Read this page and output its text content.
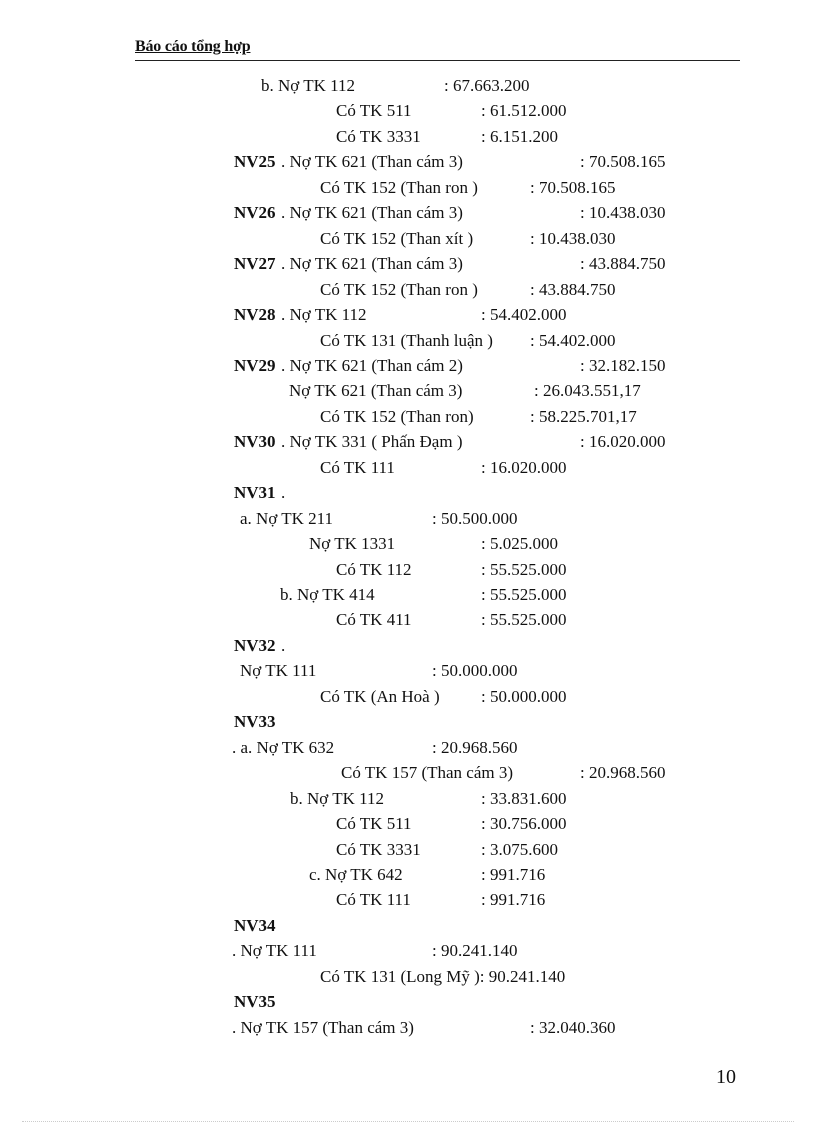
Báo cáo tổng hợp
b. Nợ TK 112	: 67.663.200
Có TK 511	: 61.512.000
Có TK 3331	: 6.151.200
NV25 . Nợ TK 621 (Than cám 3)	: 70.508.165
Có TK 152 (Than ron )	: 70.508.165
NV26 . Nợ TK 621 (Than cám 3)	: 10.438.030
Có TK 152 (Than xít )	: 10.438.030
NV27 . Nợ TK 621 (Than cám 3)	: 43.884.750
Có TK 152 (Than ron )	: 43.884.750
NV28 . Nợ TK 112	: 54.402.000
Có TK 131 (Thanh luận ) : 54.402.000
NV29 . Nợ TK 621 (Than cám 2)	: 32.182.150
Nợ TK 621 (Than cám 3)	: 26.043.551,17
Có TK 152 (Than ron)	: 58.225.701,17
NV30 . Nợ TK 331 ( Phấn Đạm )	: 16.020.000
Có TK 111	: 16.020.000
NV31 .
a. Nợ TK 211	: 50.500.000
Nợ TK 1331	: 5.025.000
Có TK 112	: 55.525.000
b. Nợ TK 414	: 55.525.000
Có TK 411	: 55.525.000
NV32 .
Nợ TK 111	: 50.000.000
Có TK (An Hoà ) : 50.000.000
NV33
. a. Nợ TK 632	: 20.968.560
Có TK 157 (Than cám 3)	: 20.968.560
b. Nợ TK 112	: 33.831.600
Có TK 511	: 30.756.000
Có TK 3331	: 3.075.600
c. Nợ TK 642	: 991.716
Có TK 111	: 991.716
NV34
. Nợ TK 111	: 90.241.140
Có TK 131 (Long Mỹ ): 90.241.140
NV35
. Nợ TK 157 (Than cám 3)	: 32.040.360
10
